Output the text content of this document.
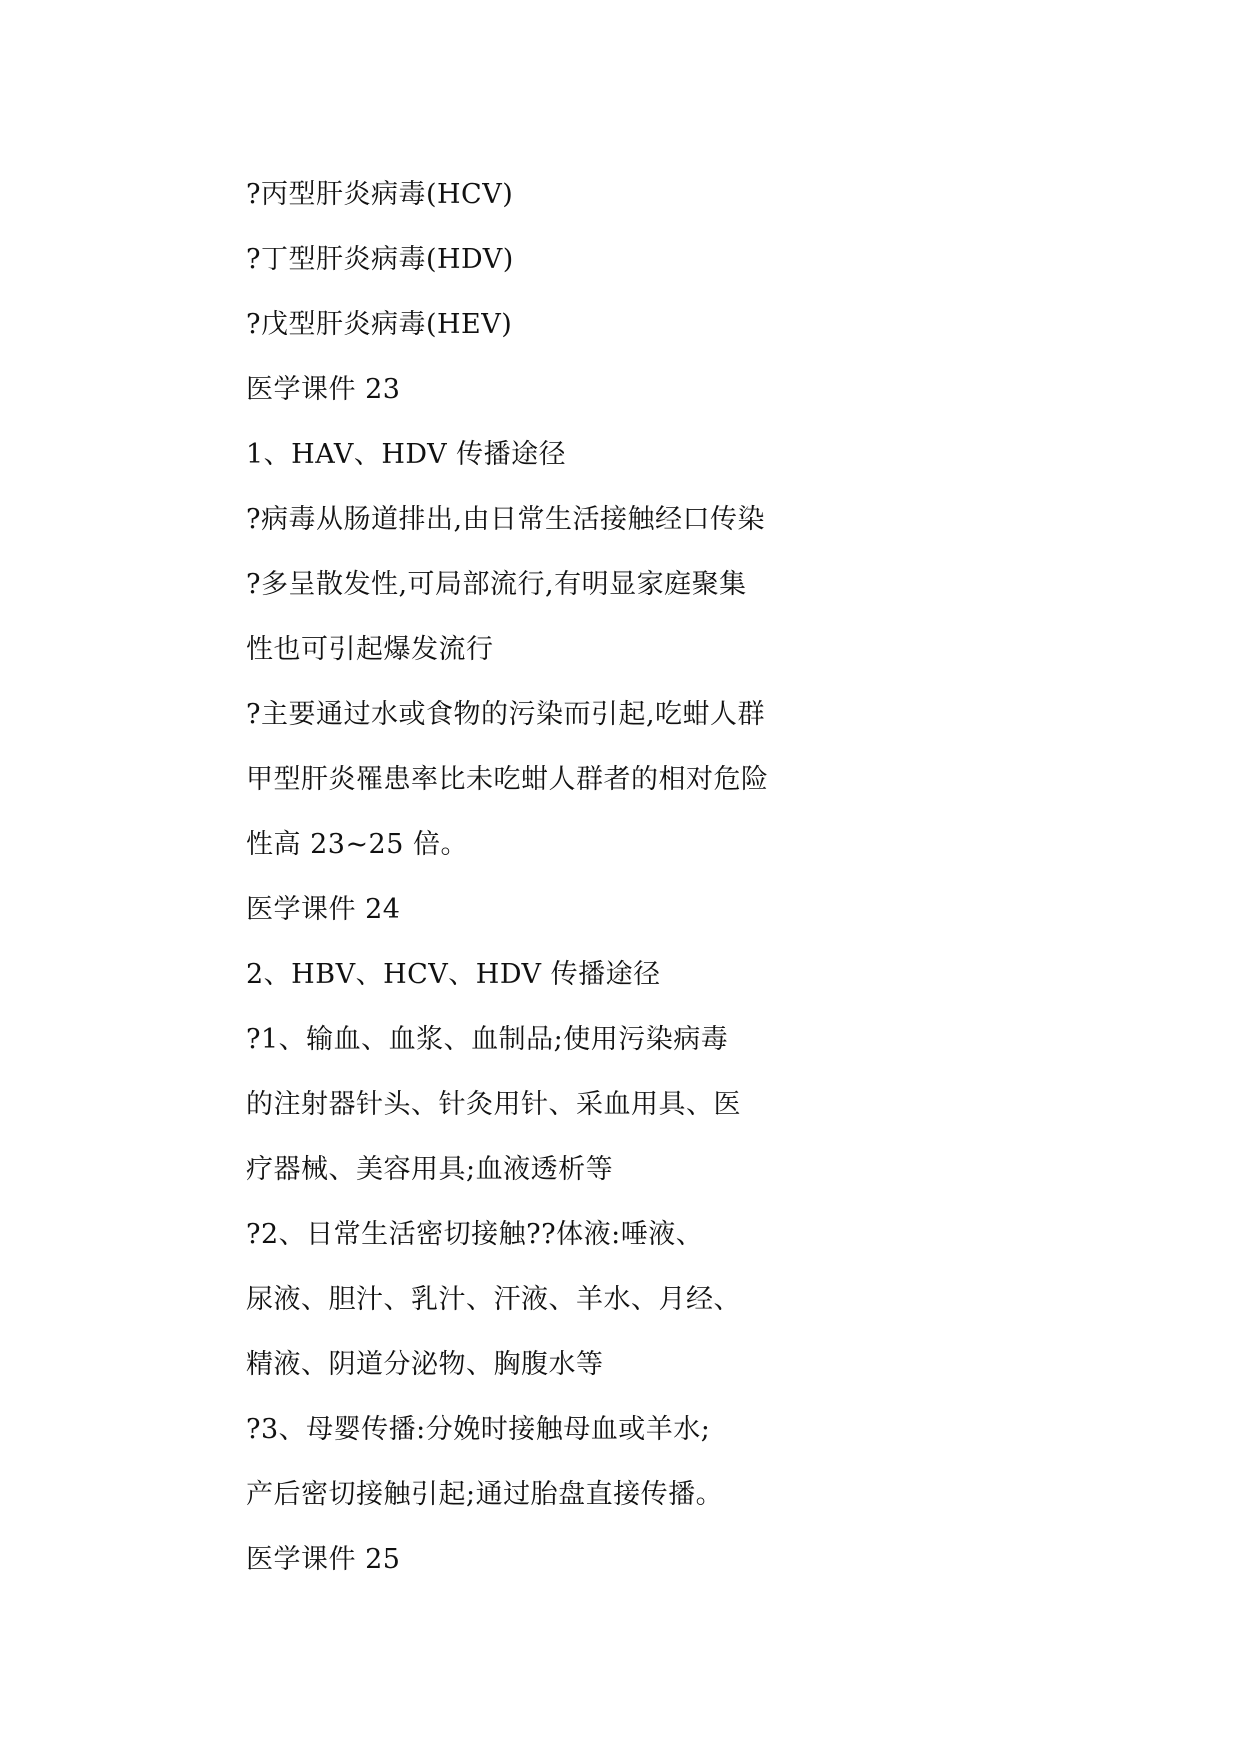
?丙型肝炎病毒(HCV)
?丁型肝炎病毒(HDV)
?戊型肝炎病毒(HEV)
医学课件 23
1、HAV、HDV 传播途径
?病毒从肠道排出,由日常生活接触经口传染
?多呈散发性,可局部流行,有明显家庭聚集
性也可引起爆发流行
?主要通过水或食物的污染而引起,吃蚶人群
甲型肝炎罹患率比未吃蚶人群者的相对危险
性高 23~25 倍。
医学课件 24
2、HBV、HCV、HDV 传播途径
?1、输血、血浆、血制品;使用污染病毒
的注射器针头、针灸用针、采血用具、医
疗器械、美容用具;血液透析等
?2、日常生活密切接触??体液:唾液、
尿液、胆汁、乳汁、汗液、羊水、月经、
精液、阴道分泌物、胸腹水等
?3、母婴传播:分娩时接触母血或羊水;
产后密切接触引起;通过胎盘直接传播。
医学课件 25
